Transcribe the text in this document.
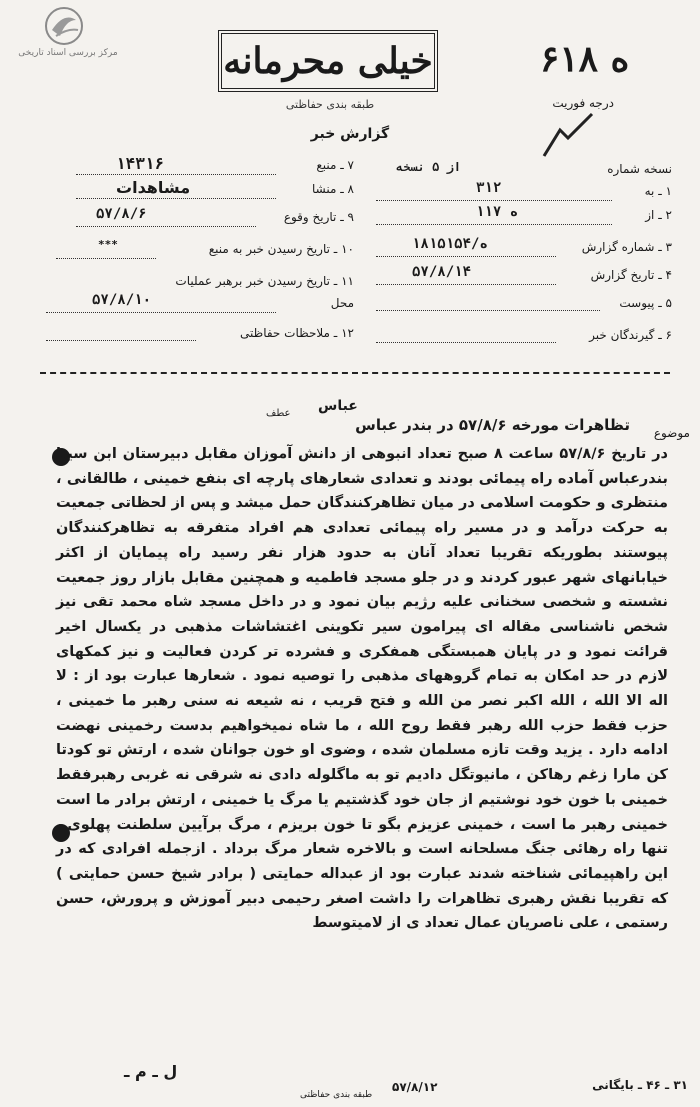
مرکز بررسی اسناد تاریخی	خیلی محرمانه
طبقه بندی حفاظتی
۶۱۸ ه
درجه فوریت
گزارش خبر
نسخه شماره
از ۵ نسخه
۱ ـ به
۳۱۲
۲ ـ از
۱۱۷ ه
۳ ـ شماره گزارش
۱۸۱ه/۵۱۵۴
۴ ـ تاریخ گزارش
۵۷/۸/۱۴
۵ ـ پیوست
۶ ـ گیرندگان خبر
۷ ـ منبع
۱۴۳۱۶
۸ ـ منشا
مشاهدات
۹ ـ تاریخ وقوع
۵۷/۸/۶
۱۰ ـ تاریخ رسیدن خبر به منبع
***
۱۱ ـ تاریخ رسیدن خبر برهبر عملیات
محل
۵۷/۸/۱۰
۱۲ ـ ملاحظات حفاظتی
عباس
عطف
موضوع
تظاهرات مورخه ۵۷/۸/۶ در بندر عباس

در تاریخ ۵۷/۸/۶ ساعت ۸ صبح تعداد انبوهی از دانش آموزان مقابل دبیرستان ابن سینا بندرعباس آماده راه پیمائی بودند و تعدادی شعارهای پارچه ای بنفع خمینی ، طالقانی ، منتظری و حکومت اسلامی در میان تظاهرکنندگان حمل میشد و پس از لحظاتی جمعیت به حرکت درآمد و در مسیر راه پیمائی تعدادی هم افراد متفرقه به تظاهرکنندگان پیوستند بطوریکه تقریبا تعداد آنان به حدود هزار نفر رسید راه پیمایان از اکثر خیابانهای شهر عبور کردند و در جلو مسجد فاطمیه و همچنین مقابل بازار روز جمعیت نشسته و شخصی سخنانی علیه رژیم بیان نمود و در داخل مسجد شاه محمد تقی نیز شخص ناشناسی مقاله ای پیرامون سیر تکوینی اغتشاشات مذهبی در یکسال اخیر قرائت نمود و در پایان همبستگی همفکری و فشرده تر کردن فعالیت و نیز کمکهای لازم در حد امکان به تمام گروههای مذهبی را توصیه نمود . شعارها عبارت بود از : لا اله الا الله ، الله اکبر نصر من الله و فتح قریب ، نه شیعه نه سنی رهبر ما خمینی ، حزب فقط حزب الله رهبر فقط روح الله ، ما شاه نمیخواهیم بدست رخمینی نهضت ادامه دارد . یزید وقت تازه مسلمان شده ، وضوی او خون جوانان شده ، ارتش تو کودتا کن مارا زغم رهاکن ، مانیوتگل دادیم تو به ماگلوله دادی نه شرقی نه غربی رهبرفقط خمینی با خون خود نوشتیم از جان خود گذشتیم یا مرگ یا خمینی ، ارتش برادر ما است خمینی رهبر ما است ، خمینی عزیزم بگو تا خون بریزم ، مرگ برآیین سلطنت پهلوی ، تنها راه رهائی جنگ مسلحانه است و بالاخره شعار مرگ برداد . ازجمله افرادی که در این راهپیمائی شناخته شدند عبارت بود از عبداله حمایتی ( برادر شیخ حسن حمایتی ) که تقریبا نقش رهبری تظاهرات را داشت اصغر رحیمی دبیر آموزش و پرورش، حسن رستمی ، علی ناصریان عمال تعداد ی از لامیتوسط

ل ـ م ـ
۵۷/۸/۱۲
طبقه بندی حفاظتی
۳۱ ـ ۴۶ ـ بایگانی
